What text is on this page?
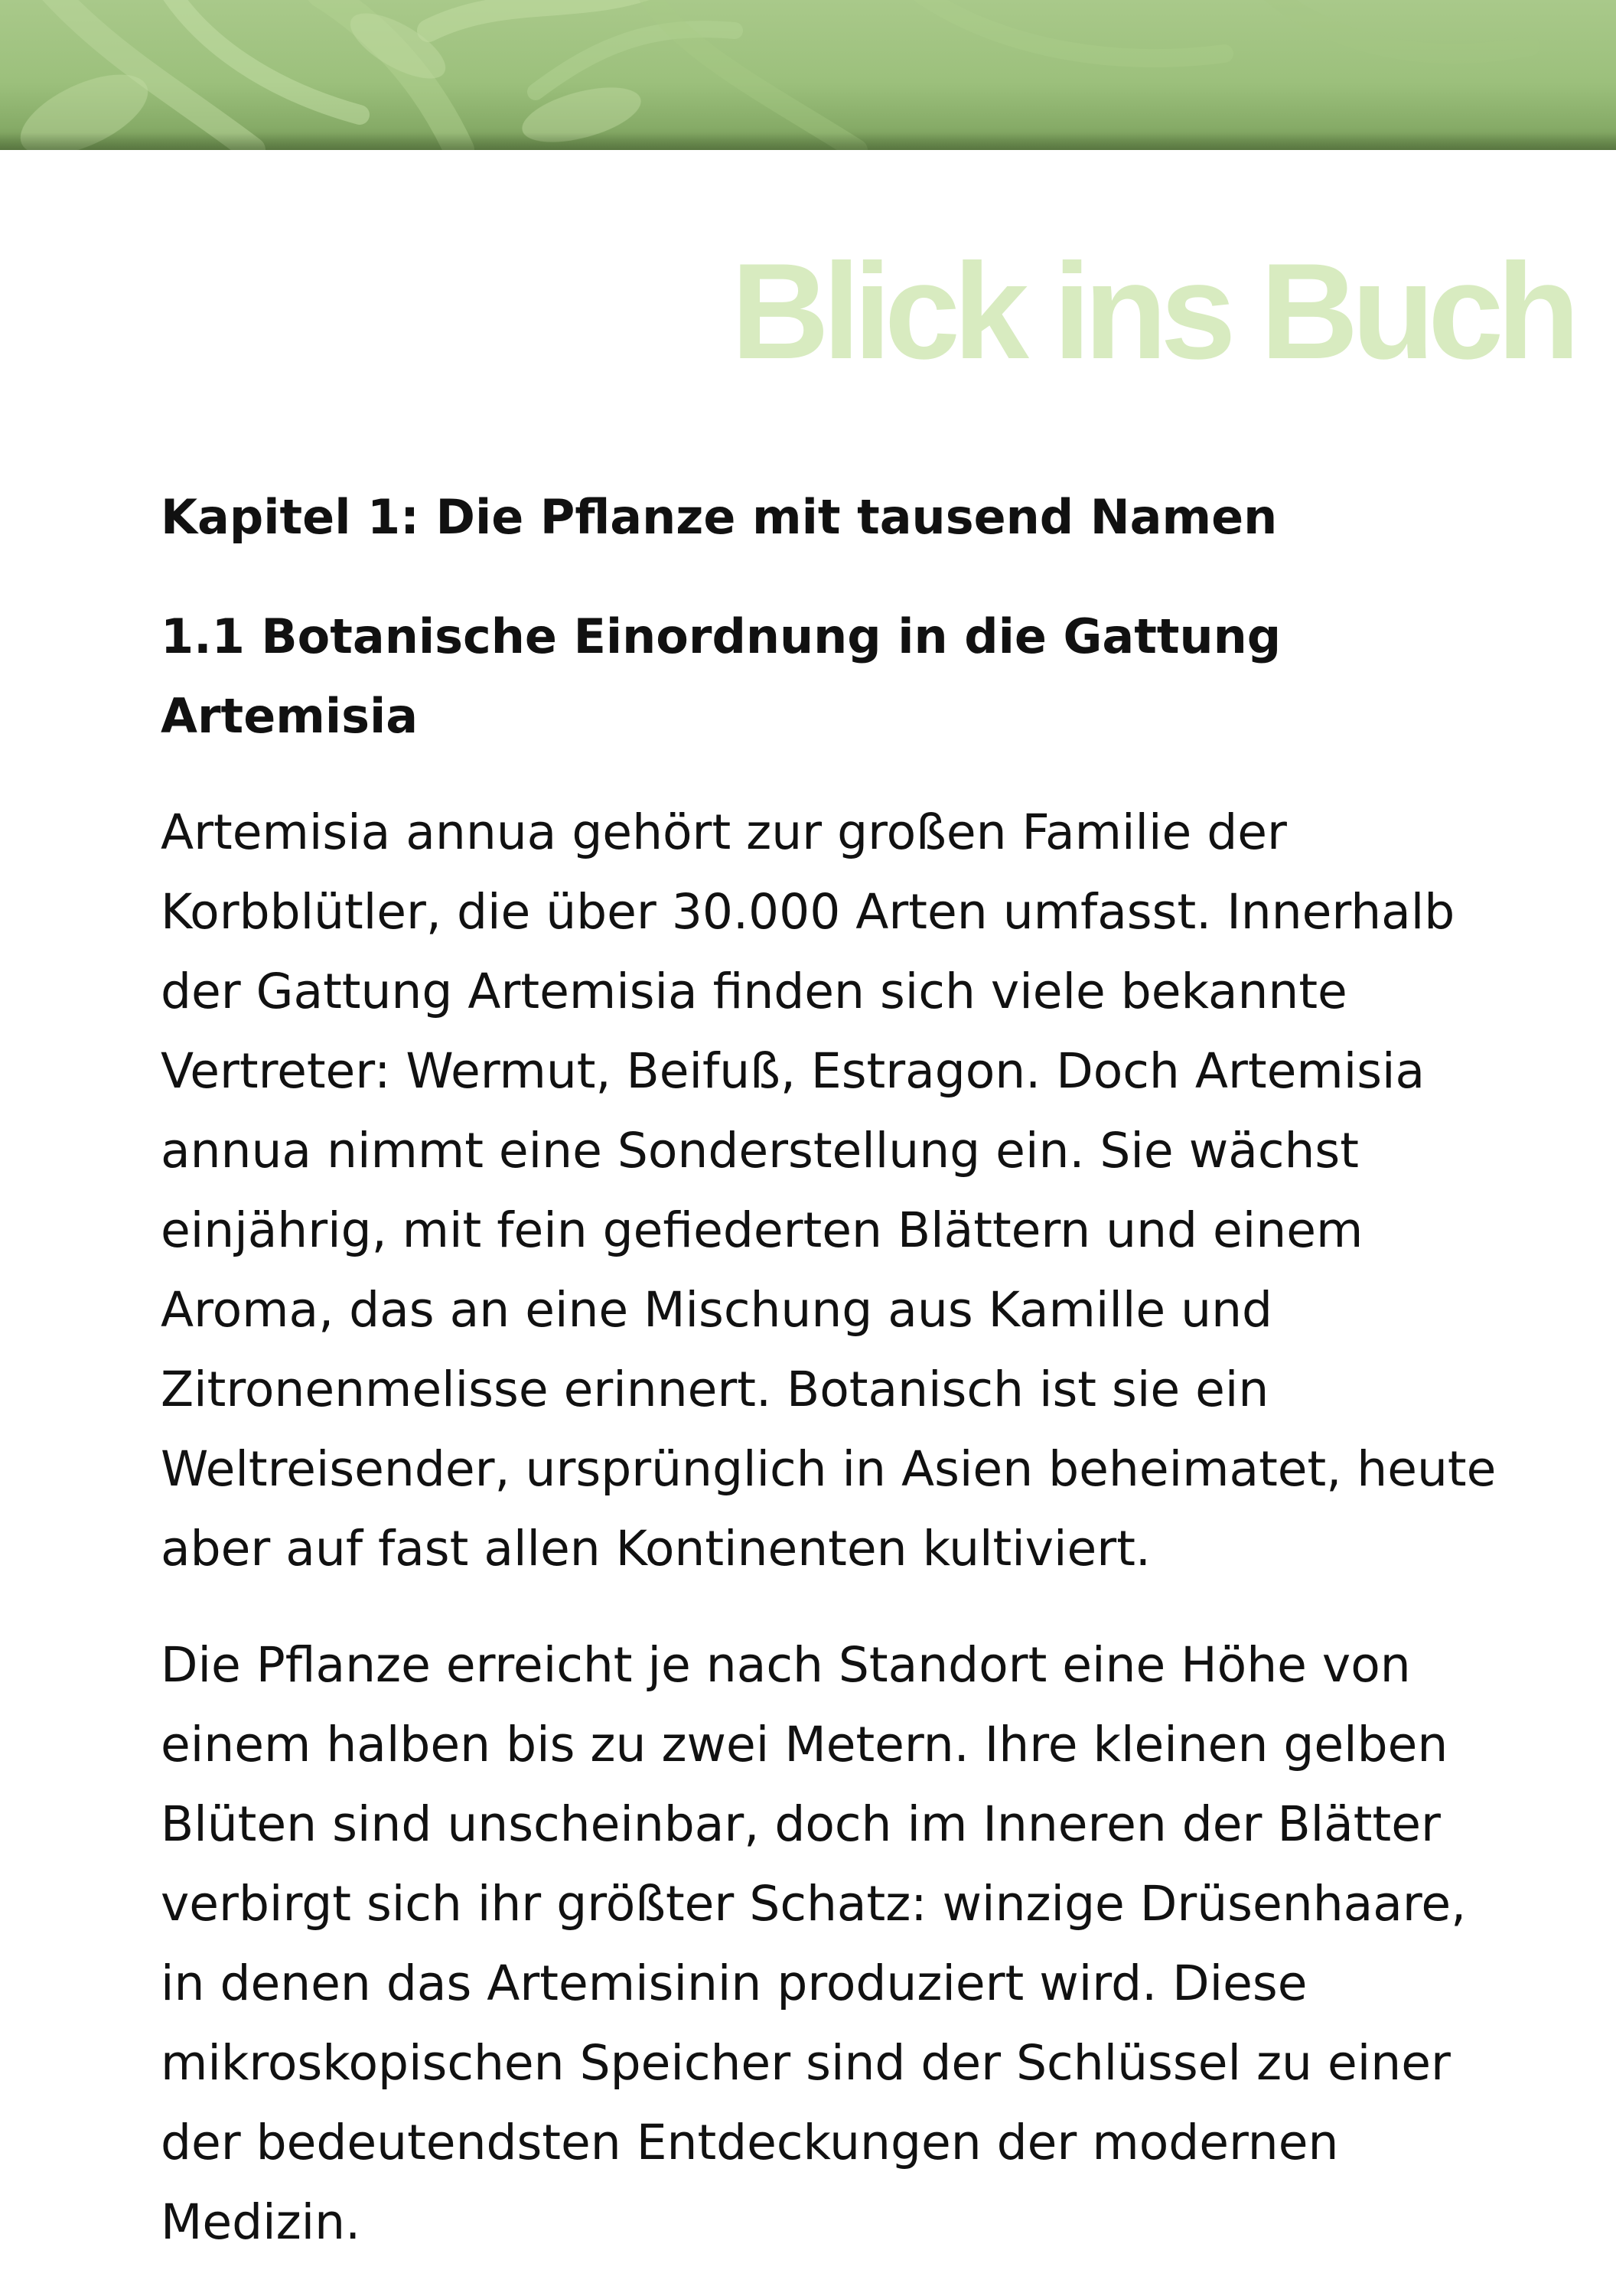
Blick ins Buch
Kapitel 1: Die Pflanze mit tausend Namen
1.1 Botanische Einordnung in die Gattung Artemisia

Artemisia annua gehört zur großen Familie der Korbblütler, die über 30.000 Arten umfasst. Innerhalb der Gattung Artemisia finden sich viele bekannte Vertreter: Wermut, Beifuß, Estragon. Doch Artemisia annua nimmt eine Sonderstellung ein. Sie wächst einjährig, mit fein gefiederten Blättern und einem Aroma, das an eine Mischung aus Kamille und Zitronenmelisse erinnert. Botanisch ist sie ein Weltreisender, ursprünglich in Asien beheimatet, heute aber auf fast allen Kontinenten kultiviert.

Die Pflanze erreicht je nach Standort eine Höhe von einem halben bis zu zwei Metern. Ihre kleinen gelben Blüten sind unscheinbar, doch im Inneren der Blätter verbirgt sich ihr größter Schatz: winzige Drüsenhaare, in denen das Artemisinin produziert wird. Diese mikroskopischen Speicher sind der Schlüssel zu einer der bedeutendsten Entdeckungen der modernen Medizin.
